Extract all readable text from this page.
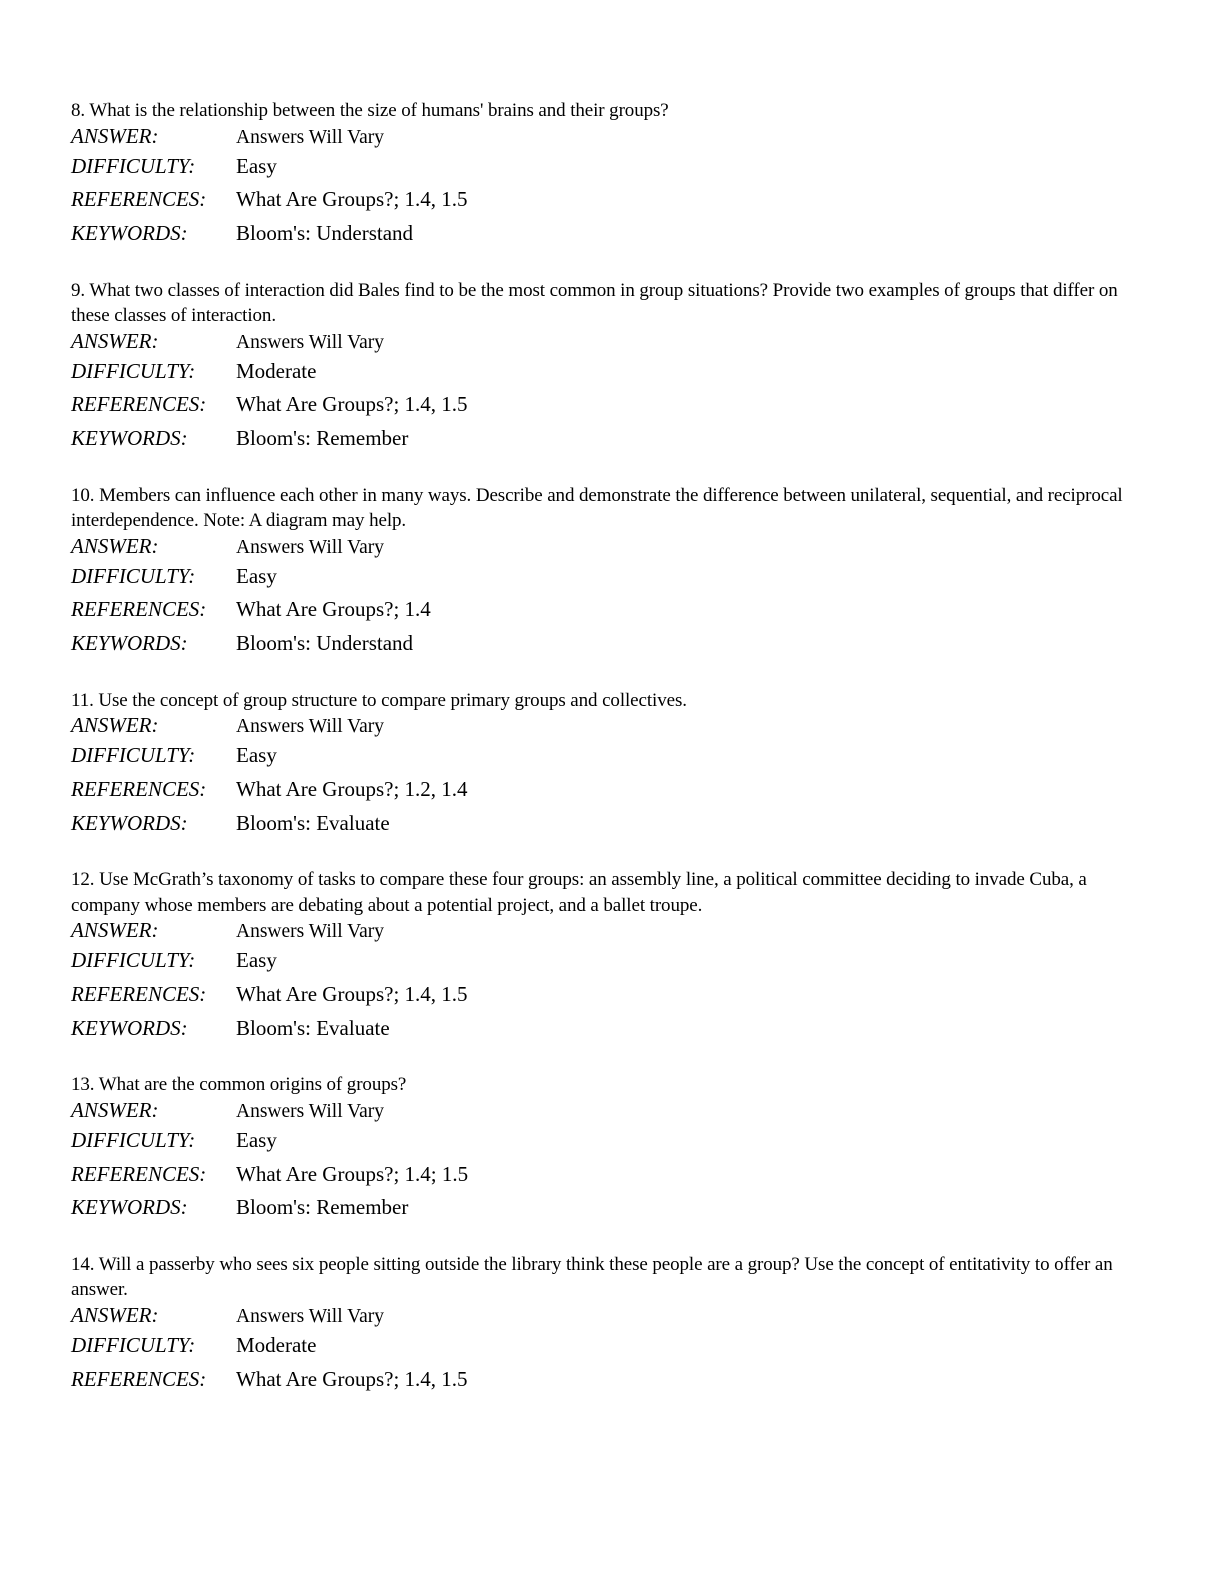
8. What is the relationship between the size of humans' brains and their groups?

ANSWER:	Answers Will Vary
DIFFICULTY:	Easy
REFERENCES:	What Are Groups?; 1.4, 1.5
KEYWORDS:	Bloom's: Understand

9. What two classes of interaction did Bales find to be the most common in group situations? Provide two examples of groups that differ on these classes of interaction.

ANSWER:	Answers Will Vary
DIFFICULTY:	Moderate
REFERENCES:	What Are Groups?; 1.4, 1.5
KEYWORDS:	Bloom's: Remember

10. Members can influence each other in many ways. Describe and demonstrate the difference between unilateral, sequential, and reciprocal interdependence. Note: A diagram may help.

ANSWER:	Answers Will Vary
DIFFICULTY:	Easy
REFERENCES:	What Are Groups?; 1.4
KEYWORDS:	Bloom's: Understand

11. Use the concept of group structure to compare primary groups and collectives.

ANSWER:	Answers Will Vary
DIFFICULTY:	Easy
REFERENCES:	What Are Groups?; 1.2, 1.4
KEYWORDS:	Bloom's: Evaluate

12. Use McGrath’s taxonomy of tasks to compare these four groups: an assembly line, a political committee deciding to invade Cuba, a company whose members are debating about a potential project, and a ballet troupe.

ANSWER:	Answers Will Vary
DIFFICULTY:	Easy
REFERENCES:	What Are Groups?; 1.4, 1.5
KEYWORDS:	Bloom's: Evaluate

13. What are the common origins of groups?

ANSWER:	Answers Will Vary
DIFFICULTY:	Easy
REFERENCES:	What Are Groups?; 1.4; 1.5
KEYWORDS:	Bloom's: Remember

14. Will a passerby who sees six people sitting outside the library think these people are a group? Use the concept of entitativity to offer an answer.

ANSWER:	Answers Will Vary
DIFFICULTY:	Moderate
REFERENCES:	What Are Groups?; 1.4, 1.5
